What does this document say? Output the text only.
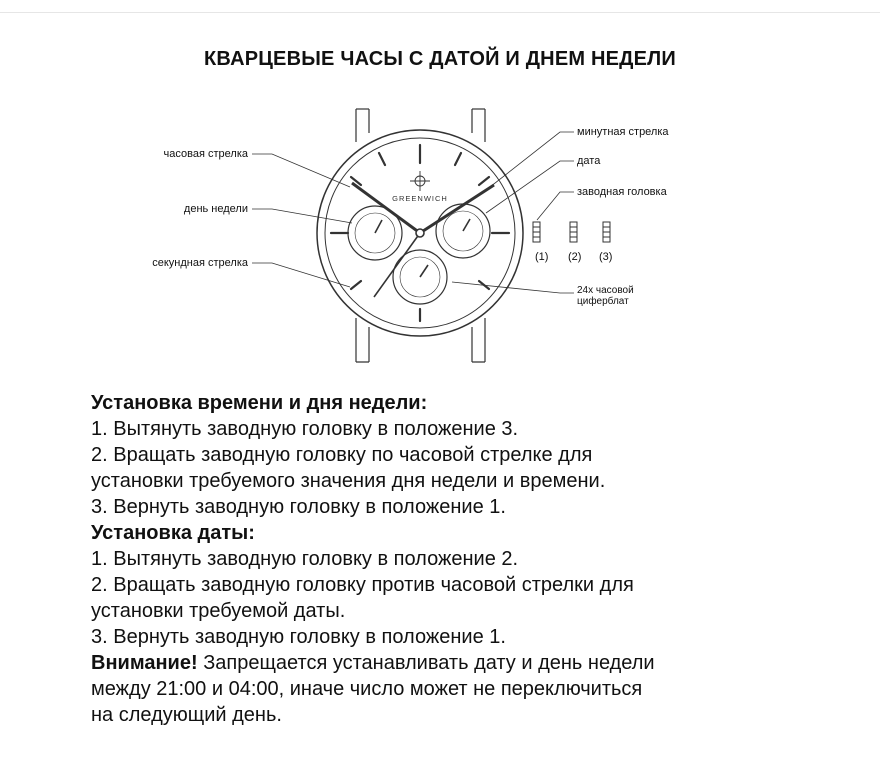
КВАРЦЕВЫЕ ЧАСЫ С ДАТОЙ И ДНЕМ НЕДЕЛИ
GREENWICH
часовая стрелка
день недели
секундная стрелка
минутная стрелка
дата
заводная головка
24х часовой
циферблат
(1) (2) (3)
Установка времени и дня недели:
1. Вытянуть заводную головку в положение 3.
2. Вращать заводную головку по часовой стрелке для
установки требуемого значения дня недели и времени.
3. Вернуть заводную головку в положение 1.
Установка даты:
1. Вытянуть заводную головку в положение 2.
2. Вращать заводную головку против часовой стрелки для
установки требуемой даты.
3. Вернуть заводную головку в положение 1.
Внимание! Запрещается устанавливать дату и день недели
между 21:00 и 04:00, иначе число может не переключиться
на следующий день.
